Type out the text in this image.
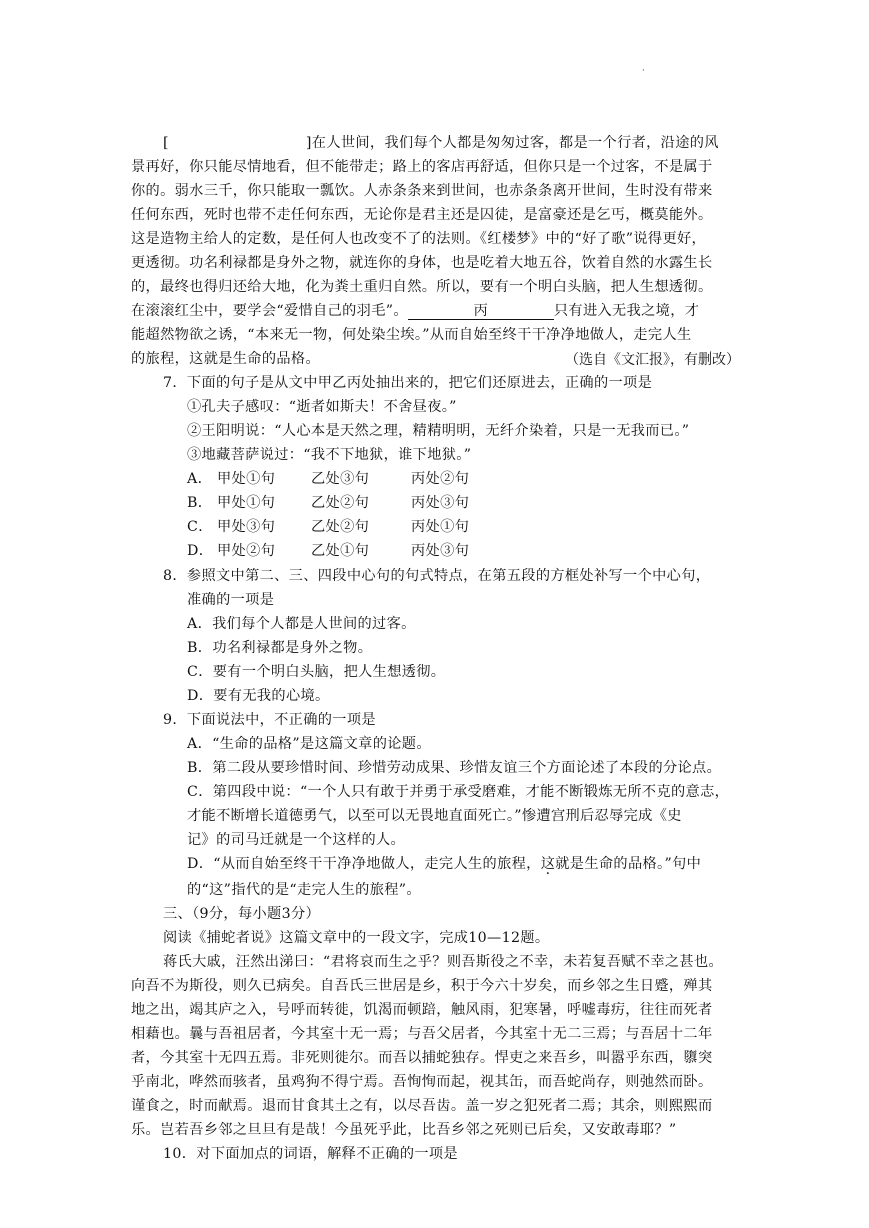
·
[	]在人世间，我们每个人都是匆匆过客，都是一个行者，沿途的风
景再好，你只能尽情地看，但不能带走；路上的客店再舒适，但你只是一个过客，不是属于
你的。弱水三千，你只能取一瓢饮。人赤条条来到世间，也赤条条离开世间，生时没有带来
任何东西，死时也带不走任何东西，无论你是君主还是囚徒，是富豪还是乞丐，概莫能外。
这是造物主给人的定数，是任何人也改变不了的法则。《红楼梦》中的“好了歌”说得更好，
更透彻。功名利禄都是身外之物，就连你的身体，也是吃着大地五谷，饮着自然的水露生长
的，最终也得归还给大地，化为粪土重归自然。所以，要有一个明白头脑，把人生想透彻。
在滚滚红尘中，要学会“爱惜自己的羽毛”。	丙	只有进入无我之境，才
能超然物欲之诱，“本来无一物，何处染尘埃。”从而自始至终干干净净地做人，走完人生
的旅程，这就是生命的品格。	（选自《文汇报》，有删改）
7．下面的句子是从文中甲乙丙处抽出来的，把它们还原进去，正确的一项是
①孔夫子感叹：“逝者如斯夫！不舍昼夜。”
②王阳明说：“人心本是天然之理，精精明明，无纤介染着，只是一无我而已。”
③地藏菩萨说过：“我不下地狱，谁下地狱。”
A． 甲处①句	乙处③句	丙处②句
B． 甲处①句	乙处②句	丙处③句
C． 甲处③句	乙处②句	丙处①句
D． 甲处②句	乙处①句	丙处③句
8．参照文中第二、三、四段中心句的句式特点，在第五段的方框处补写一个中心句，
准确的一项是
A．我们每个人都是人世间的过客。
B．功名利禄都是身外之物。
C．要有一个明白头脑，把人生想透彻。
D．要有无我的心境。
9．下面说法中，不正确的一项是
A．“生命的品格”是这篇文章的论题。
B．第二段从要珍惜时间、珍惜劳动成果、珍惜友谊三个方面论述了本段的分论点。
C．第四段中说：“一个人只有敢于并勇于承受磨难，才能不断锻炼无所不克的意志，
才能不断增长道德勇气，以至可以无畏地直面死亡。”惨遭宫刑后忍辱完成《史
记》的司马迁就是一个这样的人。
D．“从而自始至终干干净净地做人，走完人生的旅程，这就是生命的品格。”句中
的“这”指代的是“走完人生的旅程”。
三、（9分，每小题3分）
阅读《捕蛇者说》这篇文章中的一段文字，完成10—12题。
蒋氏大戚，汪然出涕曰：“君将哀而生之乎？则吾斯役之不幸，未若复吾赋不幸之甚也。
向吾不为斯役，则久已病矣。自吾氏三世居是乡，积于今六十岁矣，而乡邻之生日蹙，殚其
地之出，竭其庐之入，号呼而转徙，饥渴而顿踣，触风雨，犯寒暑，呼嘘毒疠，往往而死者
相藉也。曩与吾祖居者，今其室十无一焉；与吾父居者，今其室十无二三焉；与吾居十二年
者，今其室十无四五焉。非死则徙尔。而吾以捕蛇独存。悍吏之来吾乡，叫嚣乎东西，隳突
乎南北，哗然而骇者，虽鸡狗不得宁焉。吾恂恂而起，视其缶，而吾蛇尚存，则弛然而卧。
谨食之，时而献焉。退而甘食其土之有，以尽吾齿。盖一岁之犯死者二焉；其余，则熙熙而
乐。岂若吾乡邻之旦旦有是哉！今虽死乎此，比吾乡邻之死则已后矣，又安敢毒耶？”
10．对下面加点的词语，解释不正确的一项是
